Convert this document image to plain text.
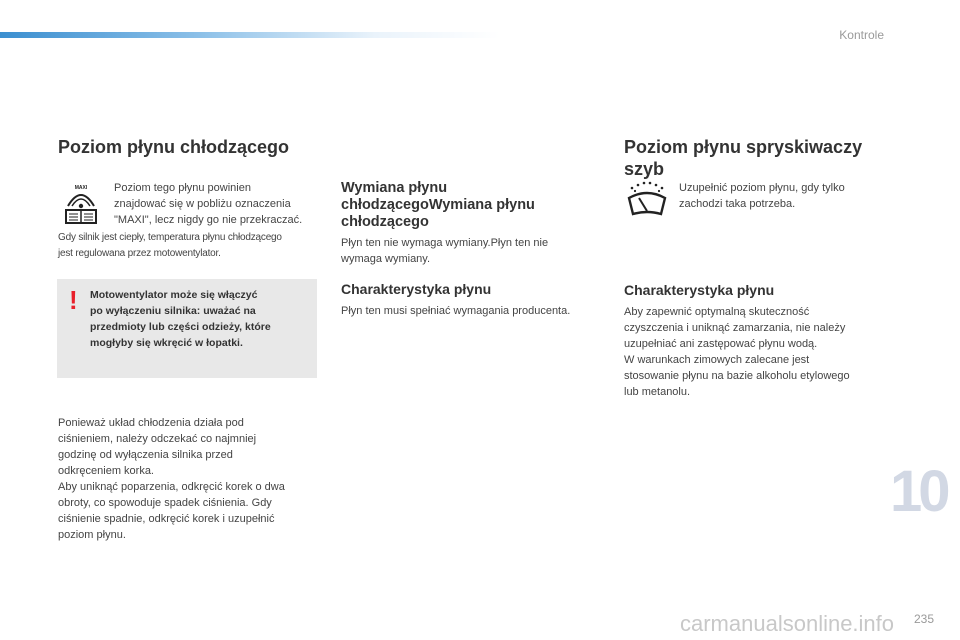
Kontrole
Poziom płynu chłodzącego
MAXI Poziom tego płynu powinien
znajdować się w pobliżu oznaczenia
"MAXI", lecz nigdy go nie przekraczać.
Gdy silnik jest ciepły, temperatura płynu chłodzącego
jest regulowana przez motowentylator.
! Motowentylator może się włączyć
po wyłączeniu silnika: uważać na
przedmioty lub części odzieży, które
mogłyby się wkręcić w łopatki.
Ponieważ układ chłodzenia działa pod
ciśnieniem, należy odczekać co najmniej
godzinę od wyłączenia silnika przed
odkręceniem korka.
Aby uniknąć poparzenia, odkręcić korek o dwa
obroty, co spowoduje spadek ciśnienia. Gdy
ciśnienie spadnie, odkręcić korek i uzupełnić
poziom płynu.
Wymiana płynu
chłodzącegoWymiana płynu
chłodzącego
Płyn ten nie wymaga wymiany.Płyn ten nie
wymaga wymiany.
Charakterystyka płynu
Płyn ten musi spełniać wymagania producenta.
Poziom płynu spryskiwaczy
szyb
Uzupełnić poziom płynu, gdy tylko
zachodzi taka potrzeba.
Charakterystyka płynu
Aby zapewnić optymalną skuteczność
czyszczenia i uniknąć zamarzania, nie należy
uzupełniać ani zastępować płynu wodą.
W warunkach zimowych zalecane jest
stosowanie płynu na bazie alkoholu etylowego
lub metanolu.
10
carmanualsonline.info 235
